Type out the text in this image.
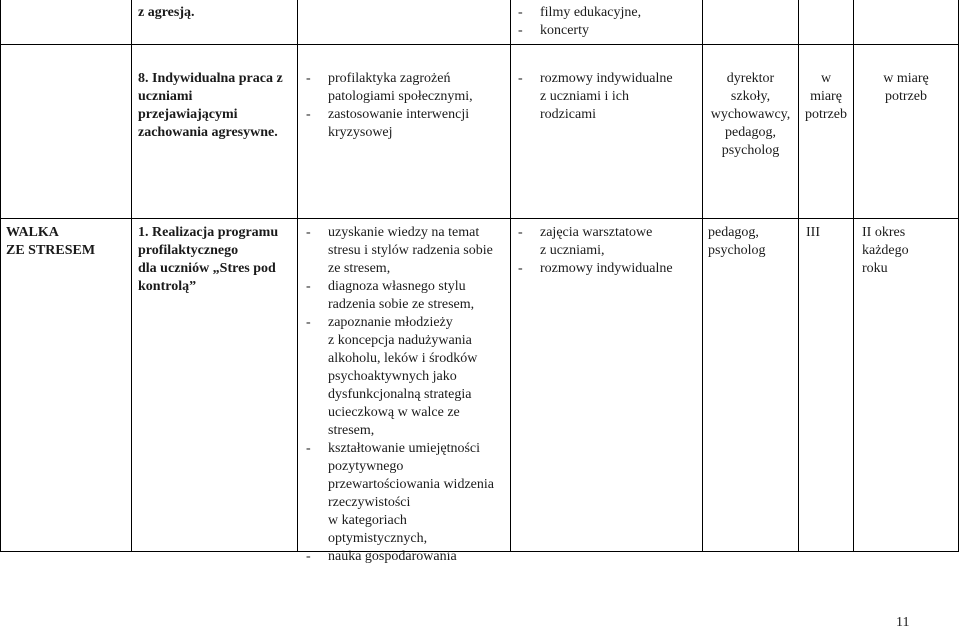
z agresją.	- filmy edukacyjne,
- koncerty
8. Indywidualna praca z uczniami przejawiającymi zachowania agresywne.
- profilaktyka zagrożeń
patologiami społecznymi,
- zastosowanie interwencji
kryzysowej
- rozmowy indywidualne
z uczniami i ich
rodzicami
dyrektor
szkoły,
wychowawcy,
pedagog,
psycholog
w
miarę
potrzeb
w miarę
potrzeb
WALKA
ZE STRESEM
1. Realizacja programu
profilaktycznego
dla uczniów „Stres pod
kontrolą”
- uzyskanie wiedzy na temat
stresu i stylów radzenia sobie
ze stresem,
- diagnoza własnego stylu
radzenia sobie ze stresem,
- zapoznanie młodzieży
z koncepcja nadużywania
alkoholu, leków i środków
psychoaktywnych jako
dysfunkcjonalną strategia
ucieczkową w walce ze
stresem,
- kształtowanie umiejętności
pozytywnego
przewartościowania widzenia
rzeczywistości
w kategoriach
optymistycznych,
- nauka gospodarowania
- zajęcia warsztatowe
z uczniami,
- rozmowy indywidualne
pedagog,
psycholog
III	II okres
każdego
roku
11
